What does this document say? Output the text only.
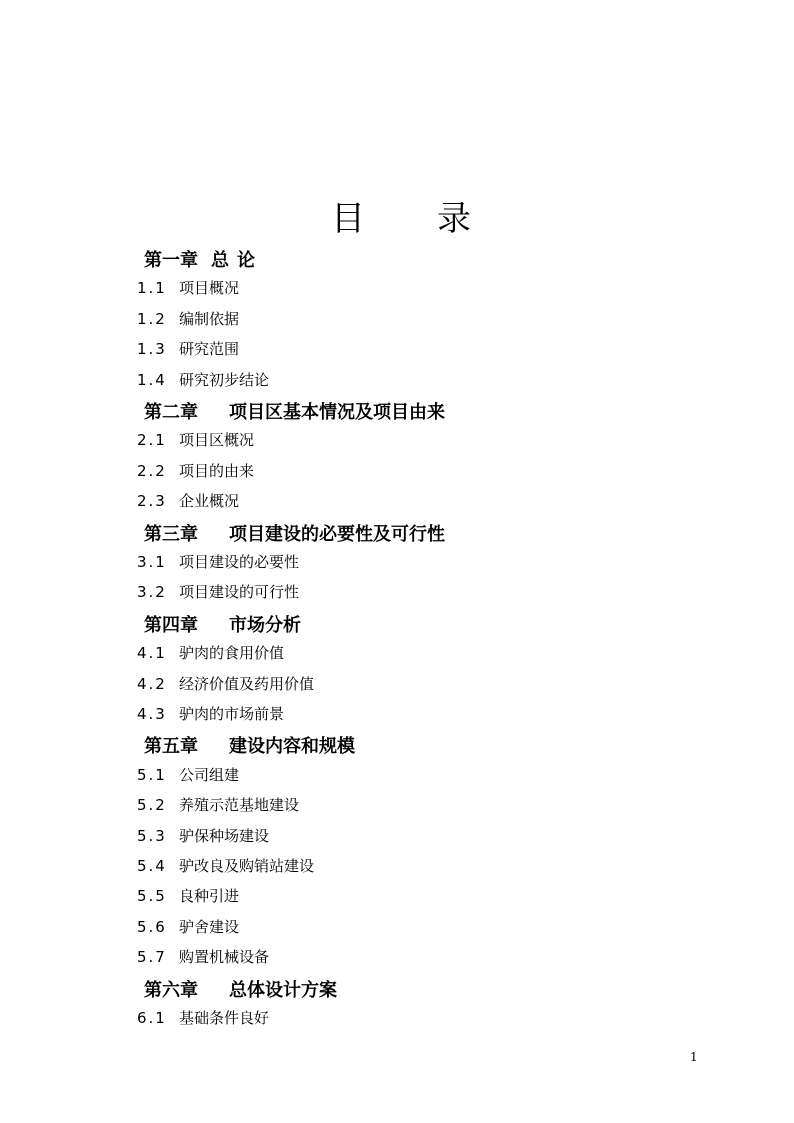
目录
第一章 总论
1.1 项目概况
1.2 编制依据
1.3 研究范围
1.4 研究初步结论
第二章 项目区基本情况及项目由来
2.1 项目区概况
2.2 项目的由来
2.3 企业概况
第三章 项目建设的必要性及可行性
3.1 项目建设的必要性
3.2 项目建设的可行性
第四章 市场分析
4.1 驴肉的食用价值
4.2 经济价值及药用价值
4.3 驴肉的市场前景
第五章 建设内容和规模
5.1 公司组建
5.2 养殖示范基地建设
5.3 驴保种场建设
5.4 驴改良及购销站建设
5.5 良种引进
5.6 驴舍建设
5.7 购置机械设备
第六章 总体设计方案
6.1 基础条件良好
1
